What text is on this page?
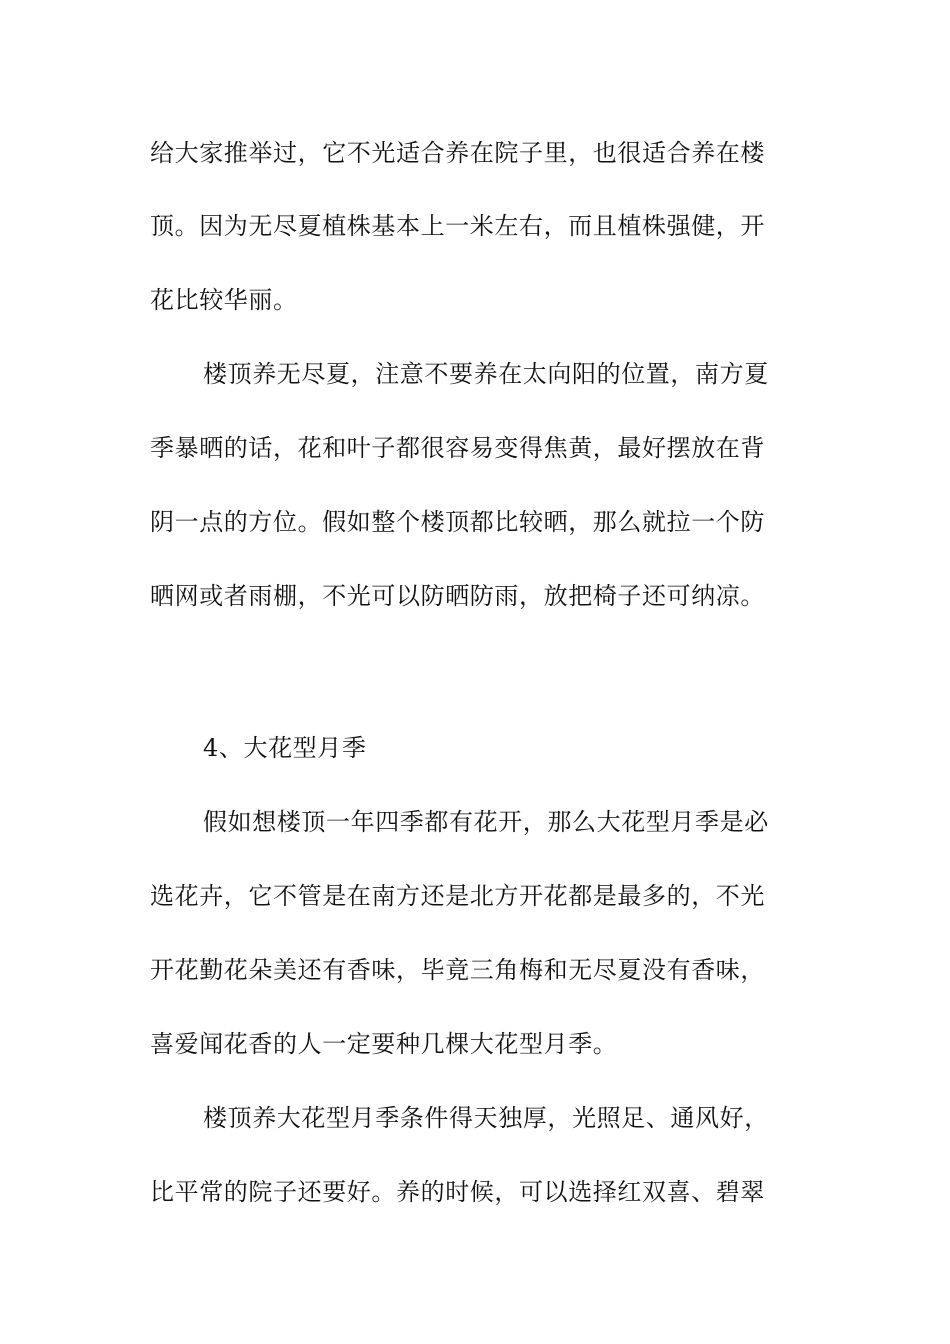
给大家推举过，它不光适合养在院子里，也很适合养在楼
顶。因为无尽夏植株基本上一米左右，而且植株强健，开
花比较华丽。
楼顶养无尽夏，注意不要养在太向阳的位置，南方夏
季暴晒的话，花和叶子都很容易变得焦黄，最好摆放在背
阴一点的方位。假如整个楼顶都比较晒，那么就拉一个防
晒网或者雨棚，不光可以防晒防雨，放把椅子还可纳凉。
4、大花型月季
假如想楼顶一年四季都有花开，那么大花型月季是必
选花卉，它不管是在南方还是北方开花都是最多的，不光
开花勤花朵美还有香味，毕竟三角梅和无尽夏没有香味，
喜爱闻花香的人一定要种几棵大花型月季。
楼顶养大花型月季条件得天独厚，光照足、通风好，
比平常的院子还要好。养的时候，可以选择红双喜、碧翠
